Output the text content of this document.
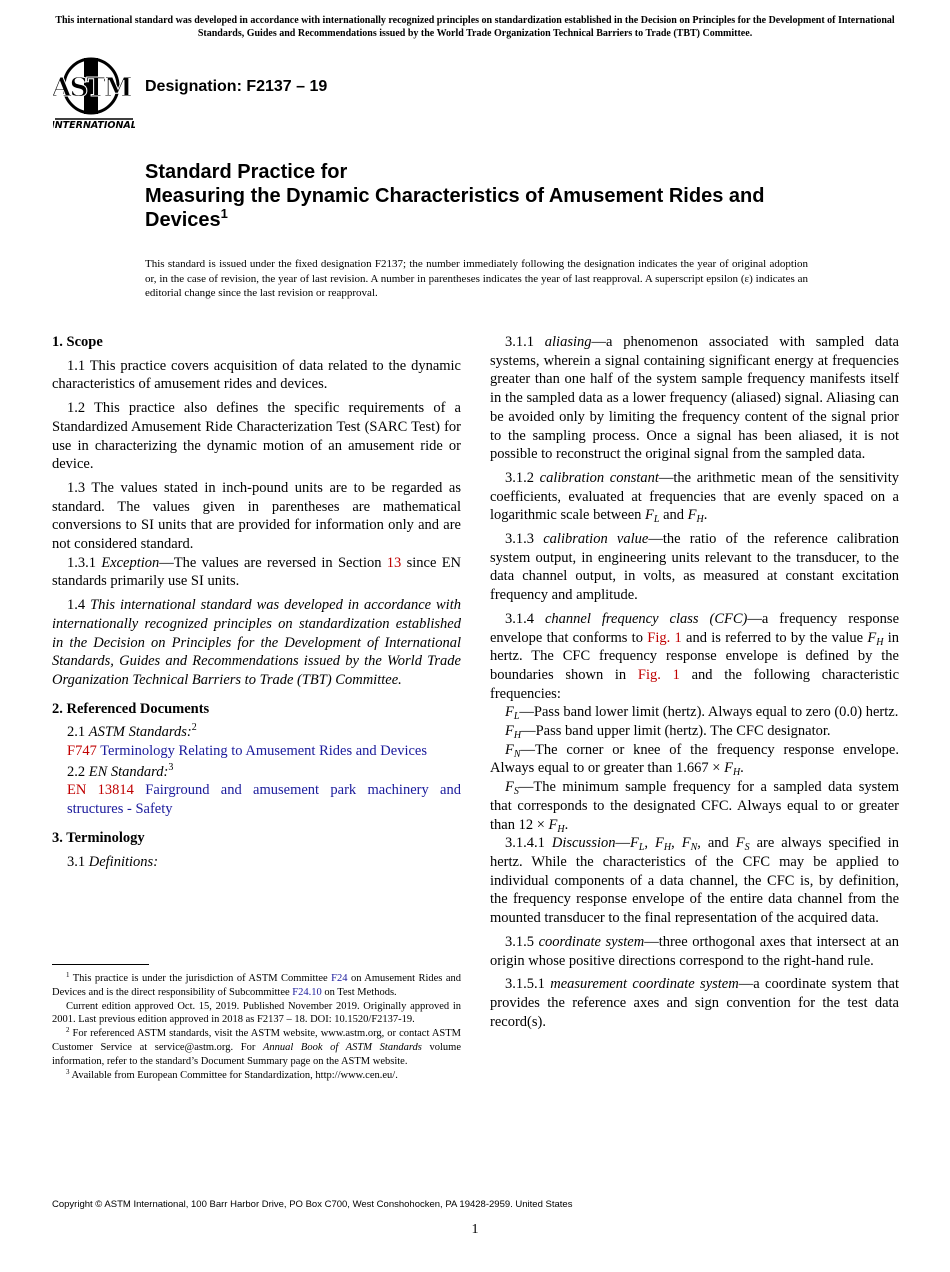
This international standard was developed in accordance with internationally recognized principles on standardization established in the Decision on Principles for the Development of International Standards, Guides and Recommendations issued by the World Trade Organization Technical Barriers to Trade (TBT) Committee.
ASTM
INTERNATIONAL
Designation: F2137 – 19
Standard Practice for
Measuring the Dynamic Characteristics of Amusement Rides and Devices$^1$
This standard is issued under the fixed designation F2137; the number immediately following the designation indicates the year of original adoption or, in the case of revision, the year of last revision. A number in parentheses indicates the year of last reapproval. A superscript epsilon (ε) indicates an editorial change since the last revision or reapproval.
1. Scope

1.1 This practice covers acquisition of data related to the dynamic characteristics of amusement rides and devices.

1.2 This practice also defines the specific requirements of a Standardized Amusement Ride Characterization Test (SARC Test) for use in characterizing the dynamic motion of an amusement ride or device.

1.3 The values stated in inch-pound units are to be regarded as standard. The values given in parentheses are mathematical conversions to SI units that are provided for information only and are not considered standard.

1.3.1 Exception—The values are reversed in Section 13 since EN standards primarily use SI units.

1.4 This international standard was developed in accordance with internationally recognized principles on standardization established in the Decision on Principles for the Development of International Standards, Guides and Recommendations issued by the World Trade Organization Technical Barriers to Trade (TBT) Committee.

2. Referenced Documents

2.1 ASTM Standards:$^2$

F747 Terminology Relating to Amusement Rides and Devices

2.2 EN Standard:$^3$

EN 13814 Fairground and amusement park machinery and structures - Safety
3. Terminology

3.1 Definitions:

$^1$ This practice is under the jurisdiction of ASTM Committee F24 on Amusement Rides and Devices and is the direct responsibility of Subcommittee F24.10 on Test Methods.

Current edition approved Oct. 15, 2019. Published November 2019. Originally approved in 2001. Last previous edition approved in 2018 as F2137 – 18. DOI: 10.1520/F2137-19.

$^2$ For referenced ASTM standards, visit the ASTM website, www.astm.org, or contact ASTM Customer Service at service@astm.org. For Annual Book of ASTM Standards volume information, refer to the standard’s Document Summary page on the ASTM website.

$^3$ Available from European Committee for Standardization, http://www.cen.eu/.

3.1.1 aliasing—a phenomenon associated with sampled data systems, wherein a signal containing significant energy at frequencies greater than one half of the system sample frequency manifests itself in the sampled data as a lower frequency (aliased) signal. Aliasing can be avoided only by limiting the frequency content of the signal prior to the sampling process. Once a signal has been aliased, it is not possible to reconstruct the original signal from the sampled data.

3.1.2 calibration constant—the arithmetic mean of the sensitivity coefficients, evaluated at frequencies that are evenly spaced on a logarithmic scale between $F_L$ and $F_H$.

3.1.3 calibration value—the ratio of the reference calibration system output, in engineering units relevant to the transducer, to the data channel output, in volts, as measured at constant excitation frequency and amplitude.

3.1.4 channel frequency class (CFC)—a frequency response envelope that conforms to Fig. 1 and is referred to by the value $F_H$ in hertz. The CFC frequency response envelope is defined by the boundaries shown in Fig. 1 and the following characteristic frequencies:

$F_L—Pass$ band lower limit (hertz). Always equal to zero (0.0) hertz.

$F_H—Pass$ band upper limit (hertz). The CFC designator.

$F_N—The$ corner or knee of the frequency response envelope. Always equal to or greater than $1.667 \times F_H$.

$F_S—The$ minimum sample frequency for a sampled data system that corresponds to the designated CFC. Always equal to or greater than $12 \times F_H$.

3.1.4.1 $Discussion—F_L$, $F_H$, $F_N$, and $F_S$ are always specified in hertz. While the characteristics of the CFC may be applied to individual components of a data channel, the CFC is, by definition, the frequency response envelope of the entire data channel from the mounted transducer to the final representation of the acquired data.

3.1.5 coordinate system—three orthogonal axes that intersect at an origin whose positive directions correspond to the right-hand rule.

3.1.5.1 measurement coordinate system—a coordinate system that provides the reference axes and sign convention for the test data record(s).

Copyright © ASTM International, 100 Barr Harbor Drive, PO Box C700, West Conshohocken, PA 19428-2959. United States
1
